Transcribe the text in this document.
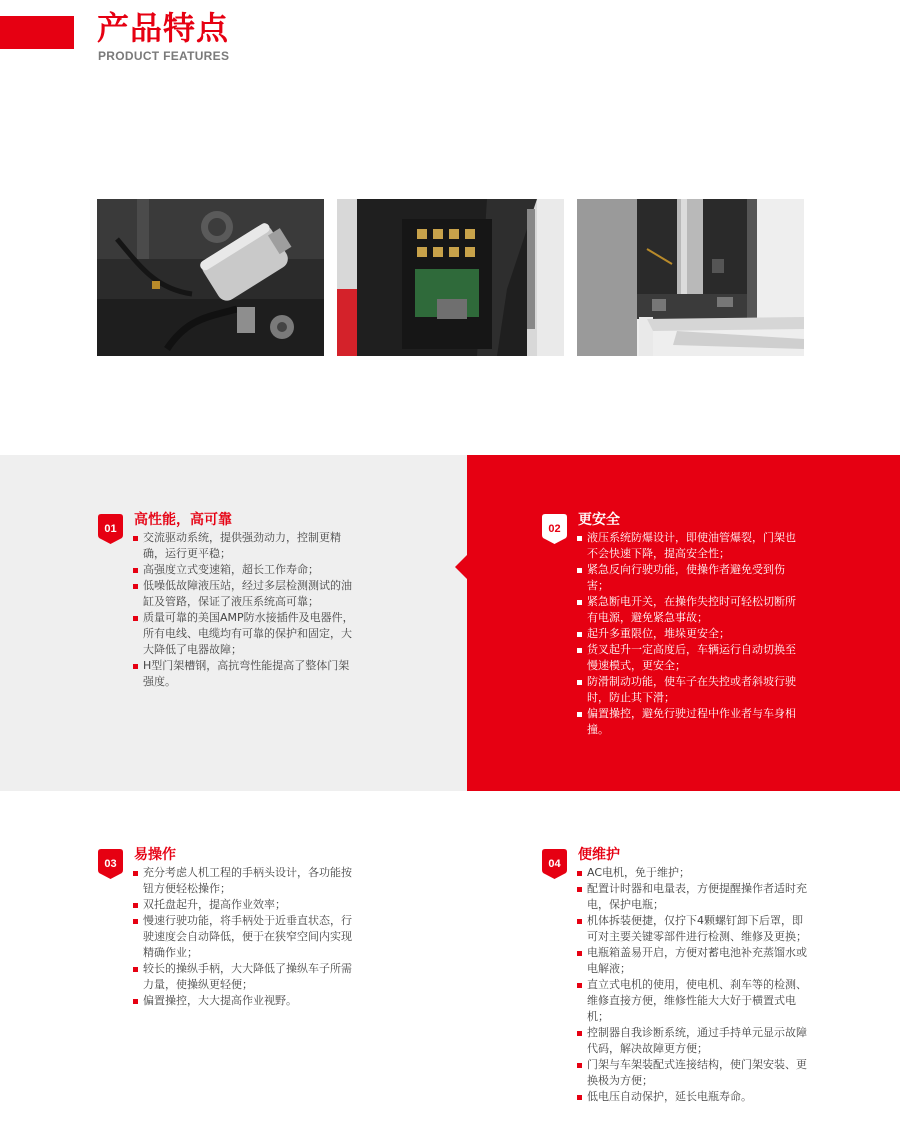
产品特点
PRODUCT FEATURES
01
高性能，高可靠
交流驱动系统，提供强劲动力，控制更精确，运行更平稳；
高强度立式变速箱，超长工作寿命；
低噪低故障液压站，经过多层检测测试的油缸及管路，保证了液压系统高可靠；
质量可靠的美国AMP防水接插件及电器件，所有电线、电缆均有可靠的保护和固定，大大降低了电器故障；
H型门架槽钢，高抗弯性能提高了整体门架强度。
02
更安全
液压系统防爆设计，即使油管爆裂，门架也不会快速下降，提高安全性；
紧急反向行驶功能，使操作者避免受到伤害；
紧急断电开关，在操作失控时可轻松切断所有电源，避免紧急事故；
起升多重限位，堆垛更安全；
货叉起升一定高度后，车辆运行自动切换至慢速模式，更安全；
防滑制动功能，使车子在失控或者斜坡行驶时，防止其下滑；
偏置操控，避免行驶过程中作业者与车身相撞。
03
易操作
充分考虑人机工程的手柄头设计，各功能按钮方便轻松操作；
双托盘起升，提高作业效率；
慢速行驶功能，将手柄处于近垂直状态，行驶速度会自动降低，便于在狭窄空间内实现精确作业；
较长的操纵手柄，大大降低了操纵车子所需力量，使操纵更轻便；
偏置操控，大大提高作业视野。
04
便维护
AC电机，免于维护；
配置计时器和电量表，方便提醒操作者适时充电，保护电瓶；
机体拆装便捷，仅拧下4颗螺钉卸下后罩，即可对主要关键零部件进行检测、维修及更换；
电瓶箱盖易开启，方便对蓄电池补充蒸馏水或电解液；
直立式电机的使用，使电机、刹车等的检测、维修直接方便，维修性能大大好于横置式电机；
控制器自我诊断系统，通过手持单元显示故障代码，解决故障更方便；
门架与车架装配式连接结构，使门架安装、更换极为方便；
低电压自动保护，延长电瓶寿命。
